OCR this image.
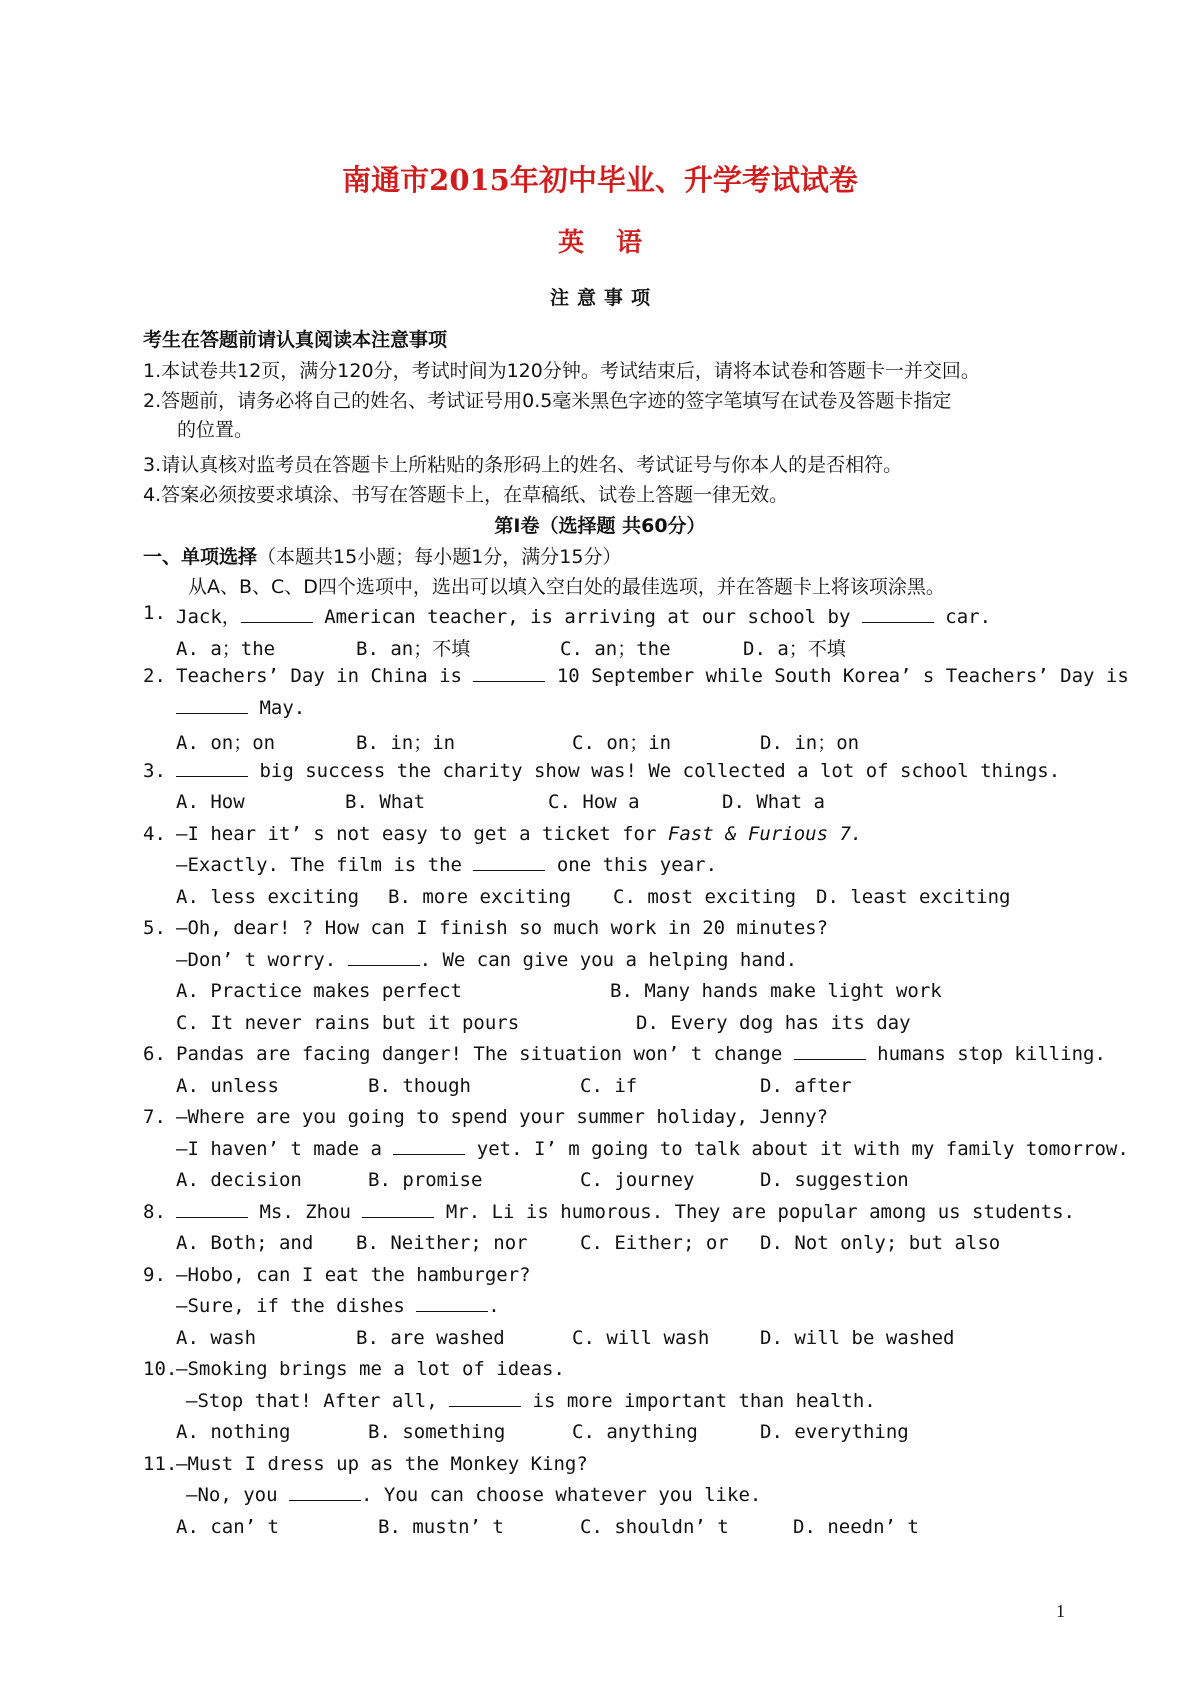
南通市2015年初中毕业、升学考试试卷
英 语
注 意 事 项
考生在答题前请认真阅读本注意事项
1.本试卷共12页，满分120分，考试时间为120分钟。考试结束后，请将本试卷和答题卡一并交回。
2.答题前，请务必将自己的姓名、考试证号用0.5毫米黑色字迹的签字笔填写在试卷及答题卡指定
的位置。
3.请认真核对监考员在答题卡上所粘贴的条形码上的姓名、考试证号与你本人的是否相符。
4.答案必须按要求填涂、书写在答题卡上，在草稿纸、试卷上答题一律无效。
第Ⅰ卷（选择题 共60分）
一、单项选择（本题共15小题；每小题1分，满分15分）
从A、B、C、D四个选项中，选出可以填入空白处的最佳选项，并在答题卡上将该项涂黑。
1. Jack，	American teacher, is arriving at our school by	car.
A. a；the	B. an；不填	C. an；the	D. a；不填
2. Teachers’ Day in China is	10 September while South Korea’ s Teachers’ Day is
May.
A. on；on	B. in；in	C. on；in	D. in；on
3.	big success the charity show was! We collected a lot of school things.
A. How	B. What	C. How a	D. What a
4. —I hear it’ s not easy to get a ticket for Fast & Furious 7.
—Exactly. The film is the	one this year.
A. less exciting B. more exciting C. most exciting D. least exciting
5. —Oh, dear! ? How can I finish so much work in 20 minutes?
—Don’ t worry.	. We can give you a helping hand.
A. Practice makes perfect	B. Many hands make light work
C. It never rains but it pours	D. Every dog has its day
6. Pandas are facing danger! The situation won’ t change	humans stop killing.
A. unless	B. though	C. if	D. after
7. —Where are you going to spend your summer holiday, Jenny?
—I haven’ t made a	yet. I’ m going to talk about it with my family tomorrow.
A. decision	B. promise	C. journey	D. suggestion
8.	Ms. Zhou	Mr. Li is humorous. They are popular among us students.
A. Both; and B. Neither; nor	C. Either; or D. Not only; but also
9. —Hobo, can I eat the hamburger?
—Sure, if the dishes	.
A. wash	B. are washed	C. will wash	D. will be washed
10.
—Smoking brings me a lot of ideas.
—Stop that! After all,	is more important than health.
A. nothing	B. something	C. anything	D. everything
11.
—Must I dress up as the Monkey King?
—No, you	. You can choose whatever you like.
A. can’ t	B. mustn’ t	C. shouldn’ t	D. needn’ t
1
